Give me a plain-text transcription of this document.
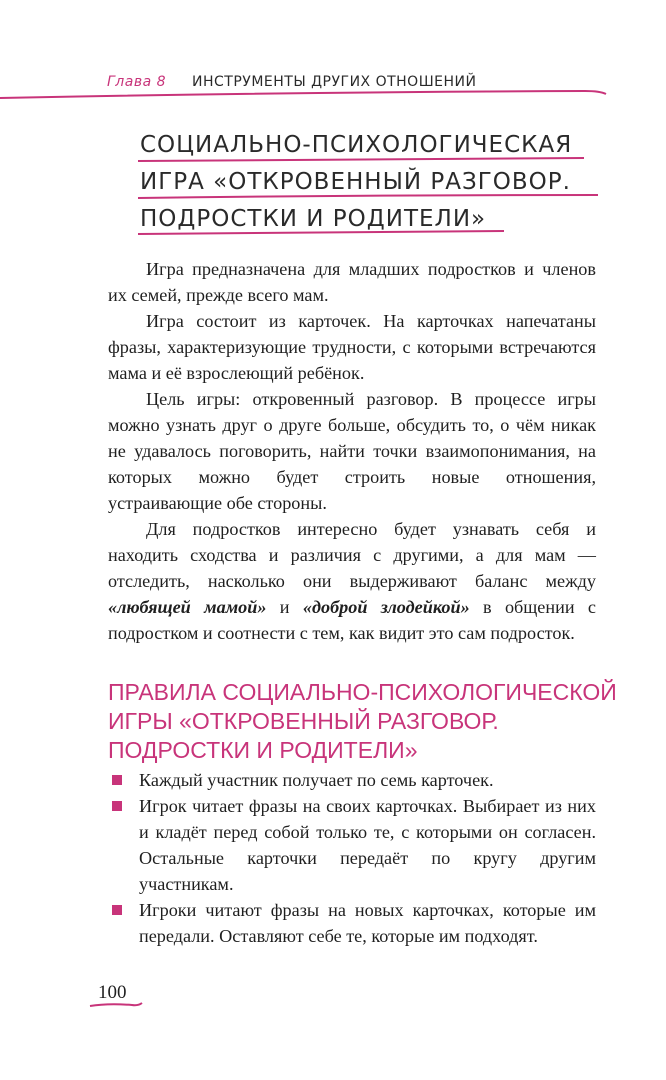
Глава 8 ИНСТРУМЕНТЫ ДРУГИХ ОТНОШЕНИЙ
СОЦИАЛЬНО-ПСИХОЛОГИЧЕСКАЯ
ИГРА «ОТКРОВЕННЫЙ РАЗГОВОР.
ПОДРОСТКИ И РОДИТЕЛИ»

Игра предназначена для младших подростков и членов их семей, прежде всего мам.

Игра состоит из карточек. На карточках напечатаны фразы, характеризующие трудности, с которыми встречаются мама и её взрослеющий ребёнок.

Цель игры: откровенный разговор. В процессе игры можно узнать друг о друге больше, обсудить то, о чём никак не удавалось поговорить, найти точки взаимопонимания, на которых можно будет строить новые отношения, устраивающие обе стороны.

Для подростков интересно будет узнавать себя и находить сходства и различия с другими, а для мам — отследить, насколько они выдерживают баланс между «любящей мамой» и «доброй злодейкой» в общении с подростком и соотнести с тем, как видит это сам подросток.

ПРАВИЛА СОЦИАЛЬНО-ПСИХОЛОГИЧЕСКОЙ
ИГРЫ «ОТКРОВЕННЫЙ РАЗГОВОР.
ПОДРОСТКИ И РОДИТЕЛИ»
Каждый участник получает по семь карточек.
Игрок читает фразы на своих карточках. Выбирает из них и кладёт перед собой только те, с которыми он согласен. Остальные карточки передаёт по кругу другим участникам.
Игроки читают фразы на новых карточках, которые им передали. Оставляют себе те, которые им подходят.
100
